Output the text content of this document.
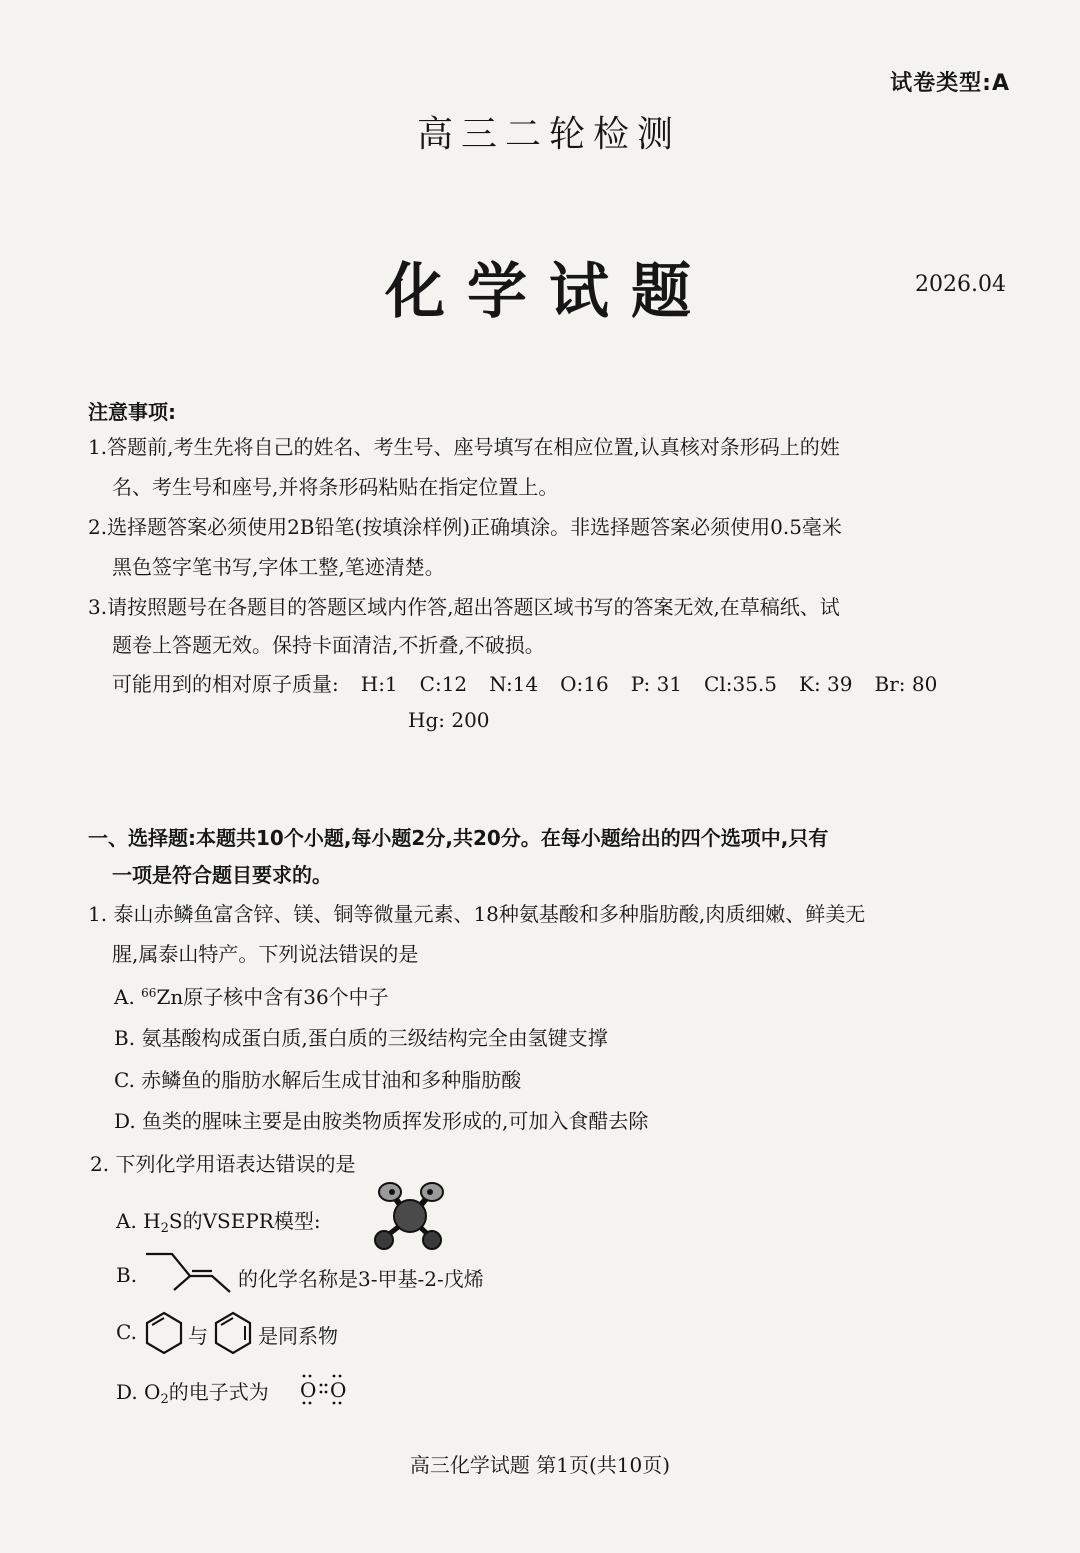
试卷类型:A
高三二轮检测
化学试题	2026.04
注意事项:
1.答题前,考生先将自己的姓名、考生号、座号填写在相应位置,认真核对条形码上的姓
名、考生号和座号,并将条形码粘贴在指定位置上。
2.选择题答案必须使用2B铅笔(按填涂样例)正确填涂。非选择题答案必须使用0.5毫米
黑色签字笔书写,字体工整,笔迹清楚。
3.请按照题号在各题目的答题区域内作答,超出答题区域书写的答案无效,在草稿纸、试
题卷上答题无效。保持卡面清洁,不折叠,不破损。
可能用到的相对原子质量: H:1 C:12 N:14 O:16 P: 31 Cl:35.5 K: 39 Br: 80
Hg: 200
一、选择题:本题共10个小题,每小题2分,共20分。在每小题给出的四个选项中,只有
一项是符合题目要求的。
1. 泰山赤鳞鱼富含锌、镁、铜等微量元素、18种氨基酸和多种脂肪酸,肉质细嫩、鲜美无
腥,属泰山特产。下列说法错误的是
A. $^{66}$Zn原子核中含有36个中子
B. 氨基酸构成蛋白质,蛋白质的三级结构完全由氢键支撑
C. 赤鳞鱼的脂肪水解后生成甘油和多种脂肪酸
D. 鱼类的腥味主要是由胺类物质挥发形成的,可加入食醋去除
2. 下列化学用语表达错误的是
A. $H_2S$的VSEPR模型:
B.	的化学名称是3-甲基-2-戊烯
C.	与	是同系物
D. $O_2$的电子式为 O O
高三化学试题 第1页(共10页)
